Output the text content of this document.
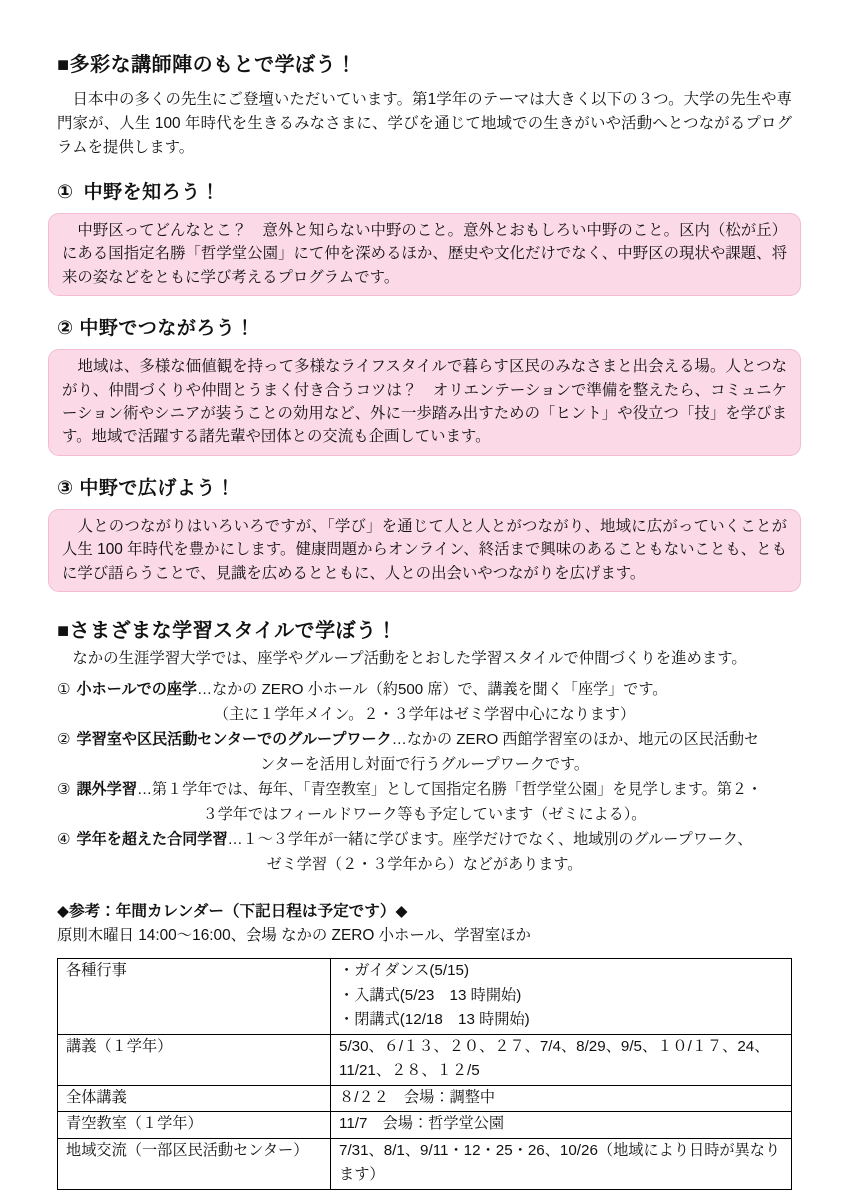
■多彩な講師陣のもとで学ぼう！

　日本中の多くの先生にご登壇いただいています。第1学年のテーマは大きく以下の３つ。大学の先生や専門家が、人生 100 年時代を生きるみなさまに、学びを通じて地域での生きがいや活動へとつながるプログラムを提供します。

① 中野を知ろう！
　中野区ってどんなとこ？　意外と知らない中野のこと。意外とおもしろい中野のこと。区内（松が丘）にある国指定名勝「哲学堂公園」にて仲を深めるほか、歴史や文化だけでなく、中野区の現状や課題、将来の姿などをともに学び考えるプログラムです。
② 中野でつながろう！
　地域は、多様な価値観を持って多様なライフスタイルで暮らす区民のみなさまと出会える場。人とつながり、仲間づくりや仲間とうまく付き合うコツは？　オリエンテーションで準備を整えたら、コミュニケーション術やシニアが装うことの効用など、外に一歩踏み出すための「ヒント」や役立つ「技」を学びます。地域で活躍する諸先輩や団体との交流も企画しています。
③ 中野で広げよう！
　人とのつながりはいろいろですが、「学び」を通じて人と人とがつながり、地域に広がっていくことが人生 100 年時代を豊かにします。健康問題からオンライン、終活まで興味のあることもないことも、ともに学び語らうことで、見識を広めるとともに、人との出会いやつながりを広げます。
■さまざまな学習スタイルで学ぼう！

　なかの生涯学習大学では、座学やグループ活動をとおした学習スタイルで仲間づくりを進めます。

① 小ホールでの座学…なかの ZERO 小ホール（約500 席）で、講義を聞く「座学」です。
（主に１学年メイン。２・３学年はゼミ学習中心になります）
② 学習室や区民活動センターでのグループワーク…なかの ZERO 西館学習室のほか、地元の区民活動セ
ンターを活用し対面で行うグループワークです。
③ 課外学習…第１学年では、毎年、「青空教室」として国指定名勝「哲学堂公園」を見学します。第２・
３学年ではフィールドワーク等も予定しています（ゼミによる）。
④ 学年を超えた合同学習…１〜３学年が一緒に学びます。座学だけでなく、地域別のグループワーク、
ゼミ学習（２・３学年から）などがあります。
◆参考：年間カレンダー（下記日程は予定です）◆
原則木曜日 14:00～16:00、会場 なかの ZERO 小ホール、学習室ほか
各種行事	・ガイダンス(5/15)
・入講式(5/23　13 時開始)
・閉講式(12/18　13 時開始)

講義（１学年）	5/30、６/１３、２０、２７、7/4、8/29、9/5、１０/１７、24、11/21、２８、１２/5
全体講義	８/２２　会場：調整中
青空教室（１学年）	11/7　会場：哲学堂公園
地域交流（一部区民活動センター）	7/31、8/1、9/11・12・25・26、10/26（地域により日時が異なります）
